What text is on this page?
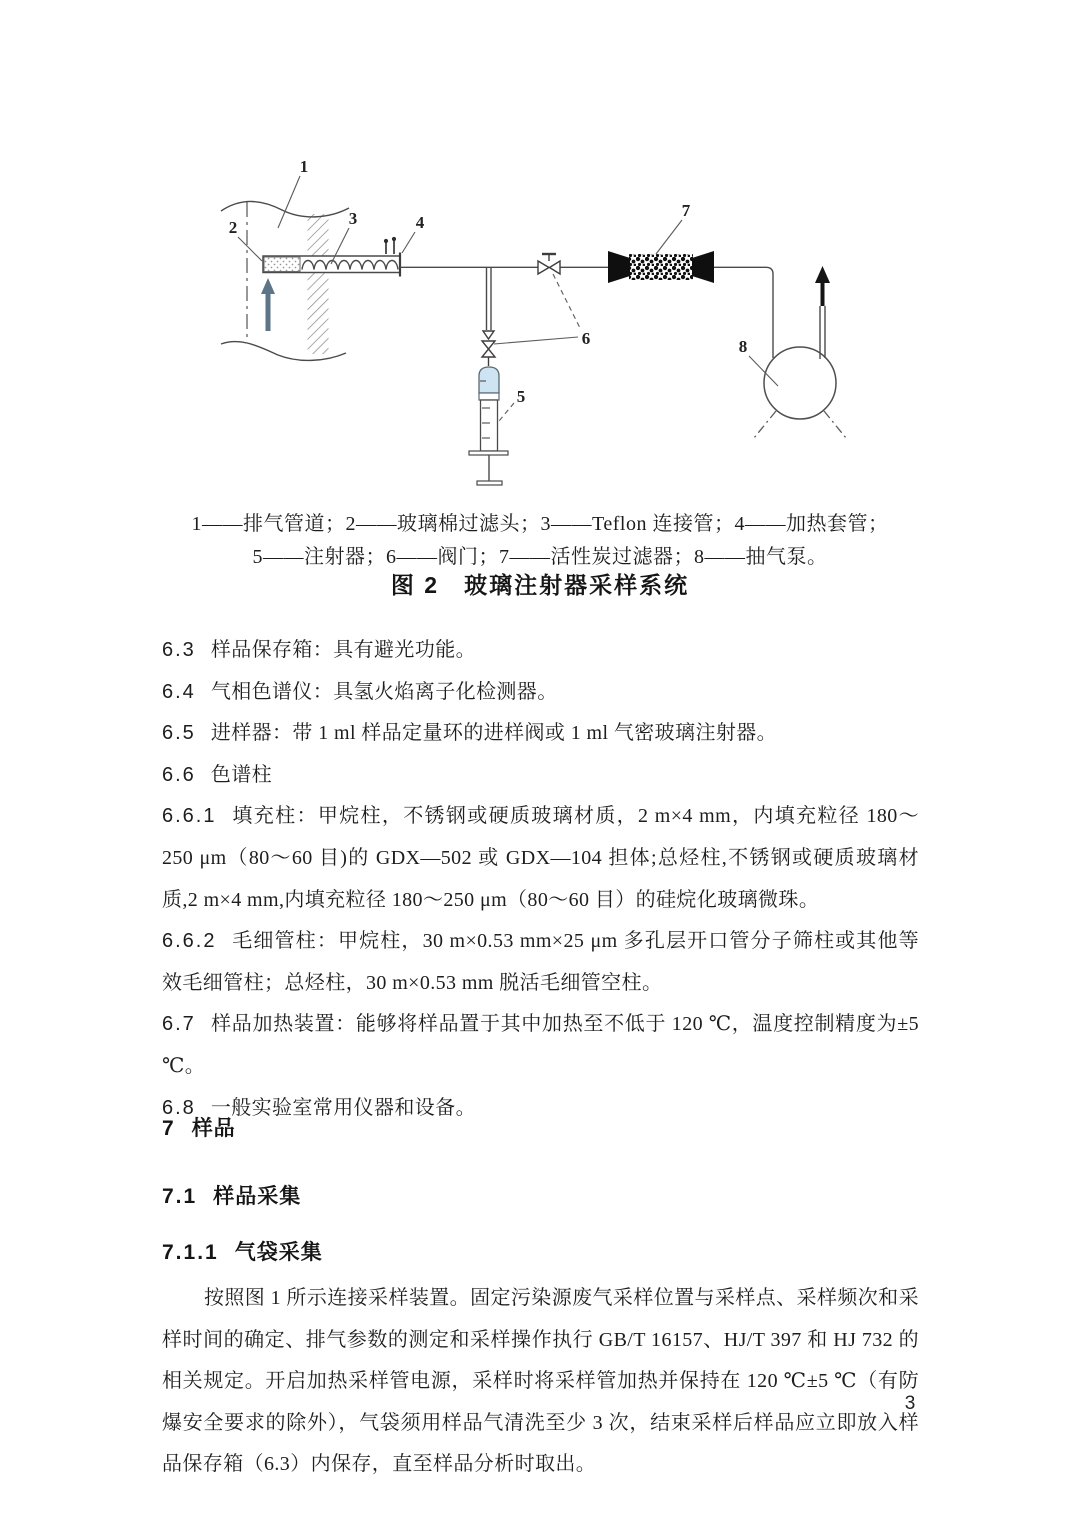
1
2	3	4
5
6
7
8
1——排气管道；2——玻璃棉过滤头；3——Teflon 连接管；4——加热套管；
5——注射器；6——阀门；7——活性炭过滤器；8——抽气泵。
图 2　玻璃注射器采样系统

6.3 样品保存箱：具有避光功能。

6.4 气相色谱仪：具氢火焰离子化检测器。

6.5 进样器：带 1 ml 样品定量环的进样阀或 1 ml 气密玻璃注射器。

6.6 色谱柱

6.6.1 填充柱：甲烷柱，不锈钢或硬质玻璃材质，2 m×4 mm，内填充粒径 180～250 μm（80～60 目)的 GDX—502 或 GDX—104 担体;总烃柱,不锈钢或硬质玻璃材质,2 m×4 mm,内填充粒径 180～250 μm（80～60 目）的硅烷化玻璃微珠。

6.6.2 毛细管柱：甲烷柱，30 m×0.53 mm×25 μm 多孔层开口管分子筛柱或其他等效毛细管柱；总烃柱，30 m×0.53 mm 脱活毛细管空柱。

6.7 样品加热装置：能够将样品置于其中加热至不低于 120 ℃，温度控制精度为±5 ℃。

6.8 一般实验室常用仪器和设备。

7 样品
7.1 样品采集
7.1.1 气袋采集

按照图 1 所示连接采样装置。固定污染源废气采样位置与采样点、采样频次和采样时间的确定、排气参数的测定和采样操作执行 GB/T 16157、HJ/T 397 和 HJ 732 的相关规定。开启加热采样管电源，采样时将采样管加热并保持在 120 ℃±5 ℃（有防爆安全要求的除外），气袋须用样品气清洗至少 3 次，结束采样后样品应立即放入样品保存箱（6.3）内保存，直至样品分析时取出。

3
